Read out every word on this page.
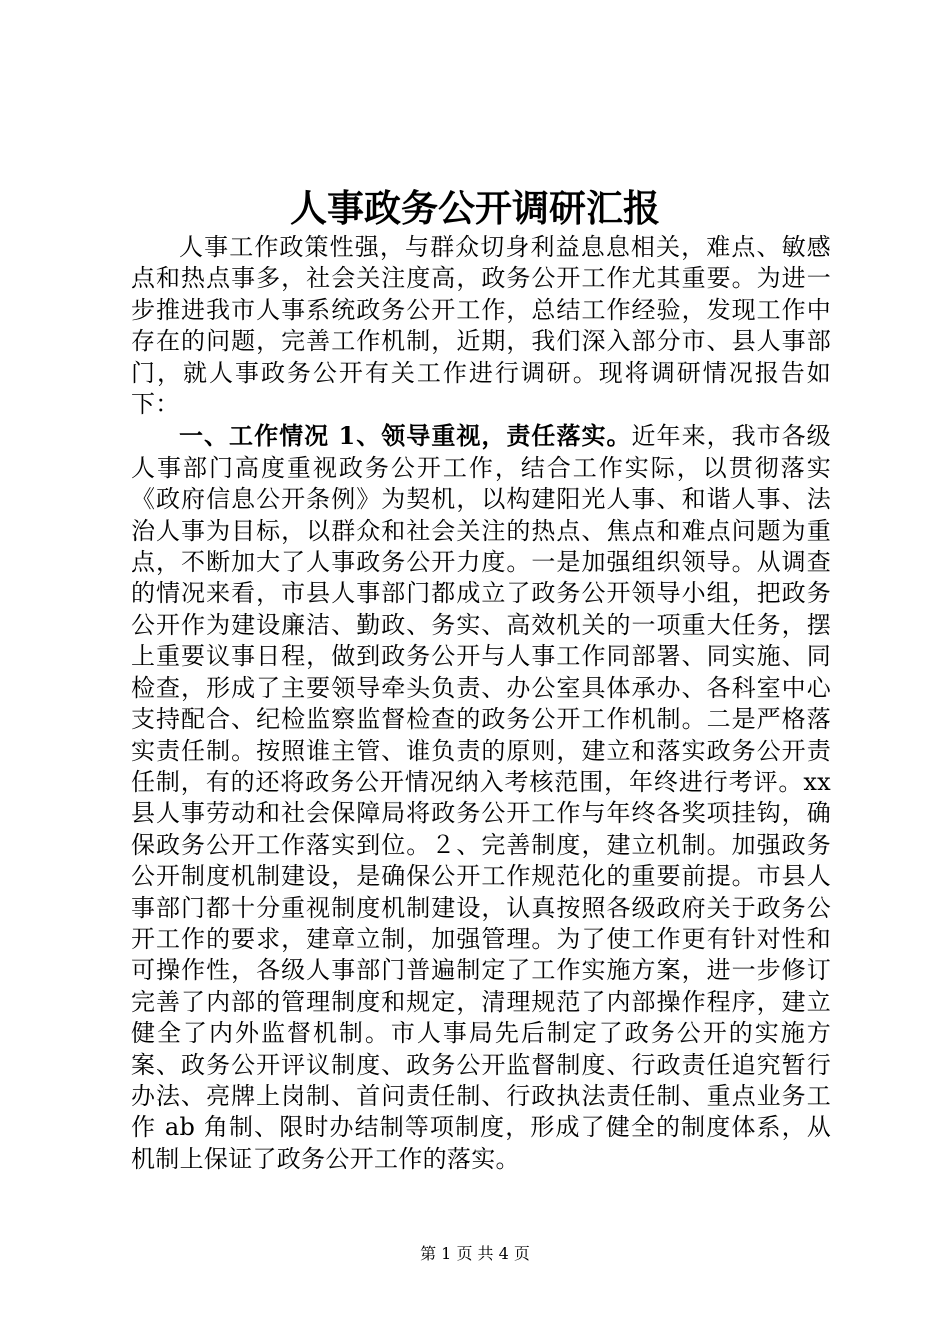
人事政务公开调研汇报

人事工作政策性强，与群众切身利益息息相关，难点、敏感点和热点事多，社会关注度高，政务公开工作尤其重要。为进一步推进我市人事系统政务公开工作，总结工作经验，发现工作中存在的问题，完善工作机制，近期，我们深入部分市、县人事部门，就人事政务公开有关工作进行调研。现将调研情况报告如下：

一、工作情况 1、领导重视，责任落实。近年来，我市各级人事部门高度重视政务公开工作，结合工作实际，以贯彻落实《政府信息公开条例》为契机，以构建阳光人事、和谐人事、法治人事为目标，以群众和社会关注的热点、焦点和难点问题为重点，不断加大了人事政务公开力度。一是加强组织领导。从调查的情况来看，市县人事部门都成立了政务公开领导小组，把政务公开作为建设廉洁、勤政、务实、高效机关的一项重大任务，摆上重要议事日程，做到政务公开与人事工作同部署、同实施、同检查，形成了主要领导牵头负责、办公室具体承办、各科室中心支持配合、纪检监察监督检查的政务公开工作机制。二是严格落实责任制。按照谁主管、谁负责的原则，建立和落实政务公开责任制，有的还将政务公开情况纳入考核范围，年终进行考评。xx 县人事劳动和社会保障局将政务公开工作与年终各奖项挂钩，确保政务公开工作落实到位。２、完善制度，建立机制。加强政务公开制度机制建设，是确保公开工作规范化的重要前提。市县人事部门都十分重视制度机制建设，认真按照各级政府关于政务公开工作的要求，建章立制，加强管理。为了使工作更有针对性和可操作性，各级人事部门普遍制定了工作实施方案，进一步修订完善了内部的管理制度和规定，清理规范了内部操作程序，建立健全了内外监督机制。市人事局先后制定了政务公开的实施方案、政务公开评议制度、政务公开监督制度、行政责任追究暂行办法、亮牌上岗制、首问责任制、行政执法责任制、重点业务工作 ab 角制、限时办结制等项制度，形成了健全的制度体系，从机制上保证了政务公开工作的落实。

第 1 页 共 4 页
